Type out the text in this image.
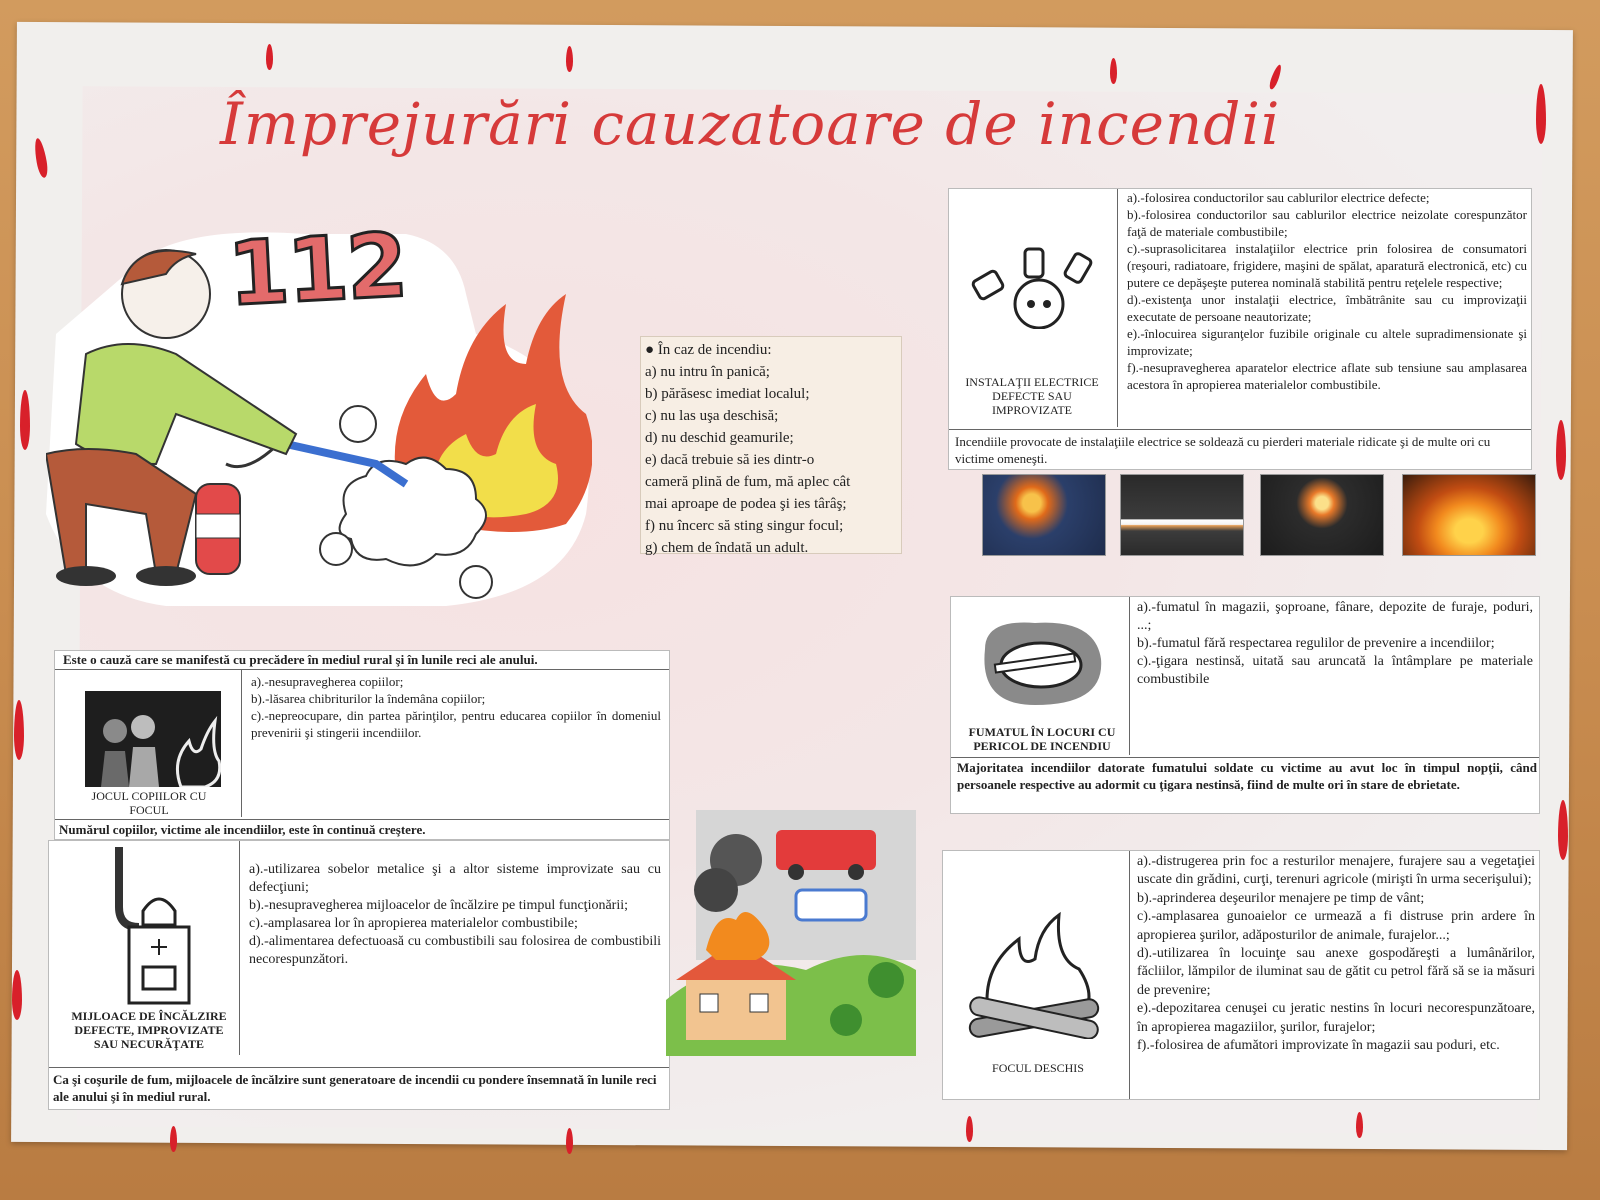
Împrejurări cauzatoare de incendii
112
● În caz de incendiu:
a) nu intru în panică;
b) părăsesc imediat localul;
c) nu las uşa deschisă;
d) nu deschid geamurile;
e) dacă trebuie să ies dintr-o
cameră plină de fum, mă aplec cât
mai aproape de podea şi ies târâş;
f) nu încerc să sting singur focul;
g) chem de îndată un adult.
INSTALAŢII ELECTRICE DEFECTE SAU IMPROVIZATE
a).-folosirea conductorilor sau cablurilor electrice defecte;
b).-folosirea conductorilor sau cablurilor electrice neizolate corespunzător faţă de materiale combustibile;
c).-suprasolicitarea instalaţiilor electrice prin folosirea de consumatori (reşouri, radiatoare, frigidere, maşini de spălat, aparatură electronică, etc) cu putere ce depăşeşte puterea nominală stabilită pentru reţelele respective;
d).-existenţa unor instalaţii electrice, îmbătrânite sau cu improvizaţii executate de persoane neautorizate;
e).-înlocuirea siguranţelor fuzibile originale cu altele supradimensionate şi improvizate;
f).-nesupravegherea aparatelor electrice aflate sub tensiune sau amplasarea acestora în apropierea materialelor combustibile.
Incendiile provocate de instalaţiile electrice se soldează cu pierderi materiale ridicate şi de multe ori cu victime omeneşti.
Este o cauză care se manifestă cu precădere în mediul rural şi în lunile reci ale anului.
JOCUL COPIILOR CU FOCUL
a).-nesupravegherea copiilor;
b).-lăsarea chibriturilor la îndemâna copiilor;
c).-nepreocupare, din partea părinţilor, pentru educarea copiilor în domeniul prevenirii şi stingerii incendiilor.
Numărul copiilor, victime ale incendiilor, este în continuă creştere.
MIJLOACE DE ÎNCĂLZIRE DEFECTE, IMPROVIZATE SAU NECURĂŢATE
a).-utilizarea sobelor metalice şi a altor sisteme improvizate sau cu defecţiuni;
b).-nesupravegherea mijloacelor de încălzire pe timpul funcţionării;
c).-amplasarea lor în apropierea materialelor combustibile;
d).-alimentarea defectuoasă cu combustibili sau folosirea de combustibili necorespunzători.
Ca şi coşurile de fum, mijloacele de încălzire sunt generatoare de incendii cu pondere însemnată în lunile reci ale anului şi în mediul rural.
FUMATUL ÎN LOCURI CU PERICOL DE INCENDIU
a).-fumatul în magazii, şoproane, fânare, depozite de furaje, poduri, ...;
b).-fumatul fără respectarea regulilor de prevenire a incendiilor;
c).-ţigara nestinsă, uitată sau aruncată la întâmplare pe materiale combustibile
Majoritatea incendiilor datorate fumatului soldate cu victime au avut loc în timpul nopţii, când persoanele respective au adormit cu ţigara nestinsă, fiind de multe ori în stare de ebrietate.
FOCUL DESCHIS
a).-distrugerea prin foc a resturilor menajere, furajere sau a vegetaţiei uscate din grădini, curţi, terenuri agricole (mirişti în urma secerişului);
b).-aprinderea deşeurilor menajere pe timp de vânt;
c).-amplasarea gunoaielor ce urmează a fi distruse prin ardere în apropierea şurilor, adăposturilor de animale, furajelor...;
d).-utilizarea în locuinţe sau anexe gospodăreşti a lumânărilor, făcliilor, lămpilor de iluminat sau de gătit cu petrol fără să se ia măsuri de prevenire;
e).-depozitarea cenuşei cu jeratic nestins în locuri necorespunzătoare, în apropierea magaziilor, şurilor, furajelor;
f).-folosirea de afumători improvizate în magazii sau poduri, etc.
